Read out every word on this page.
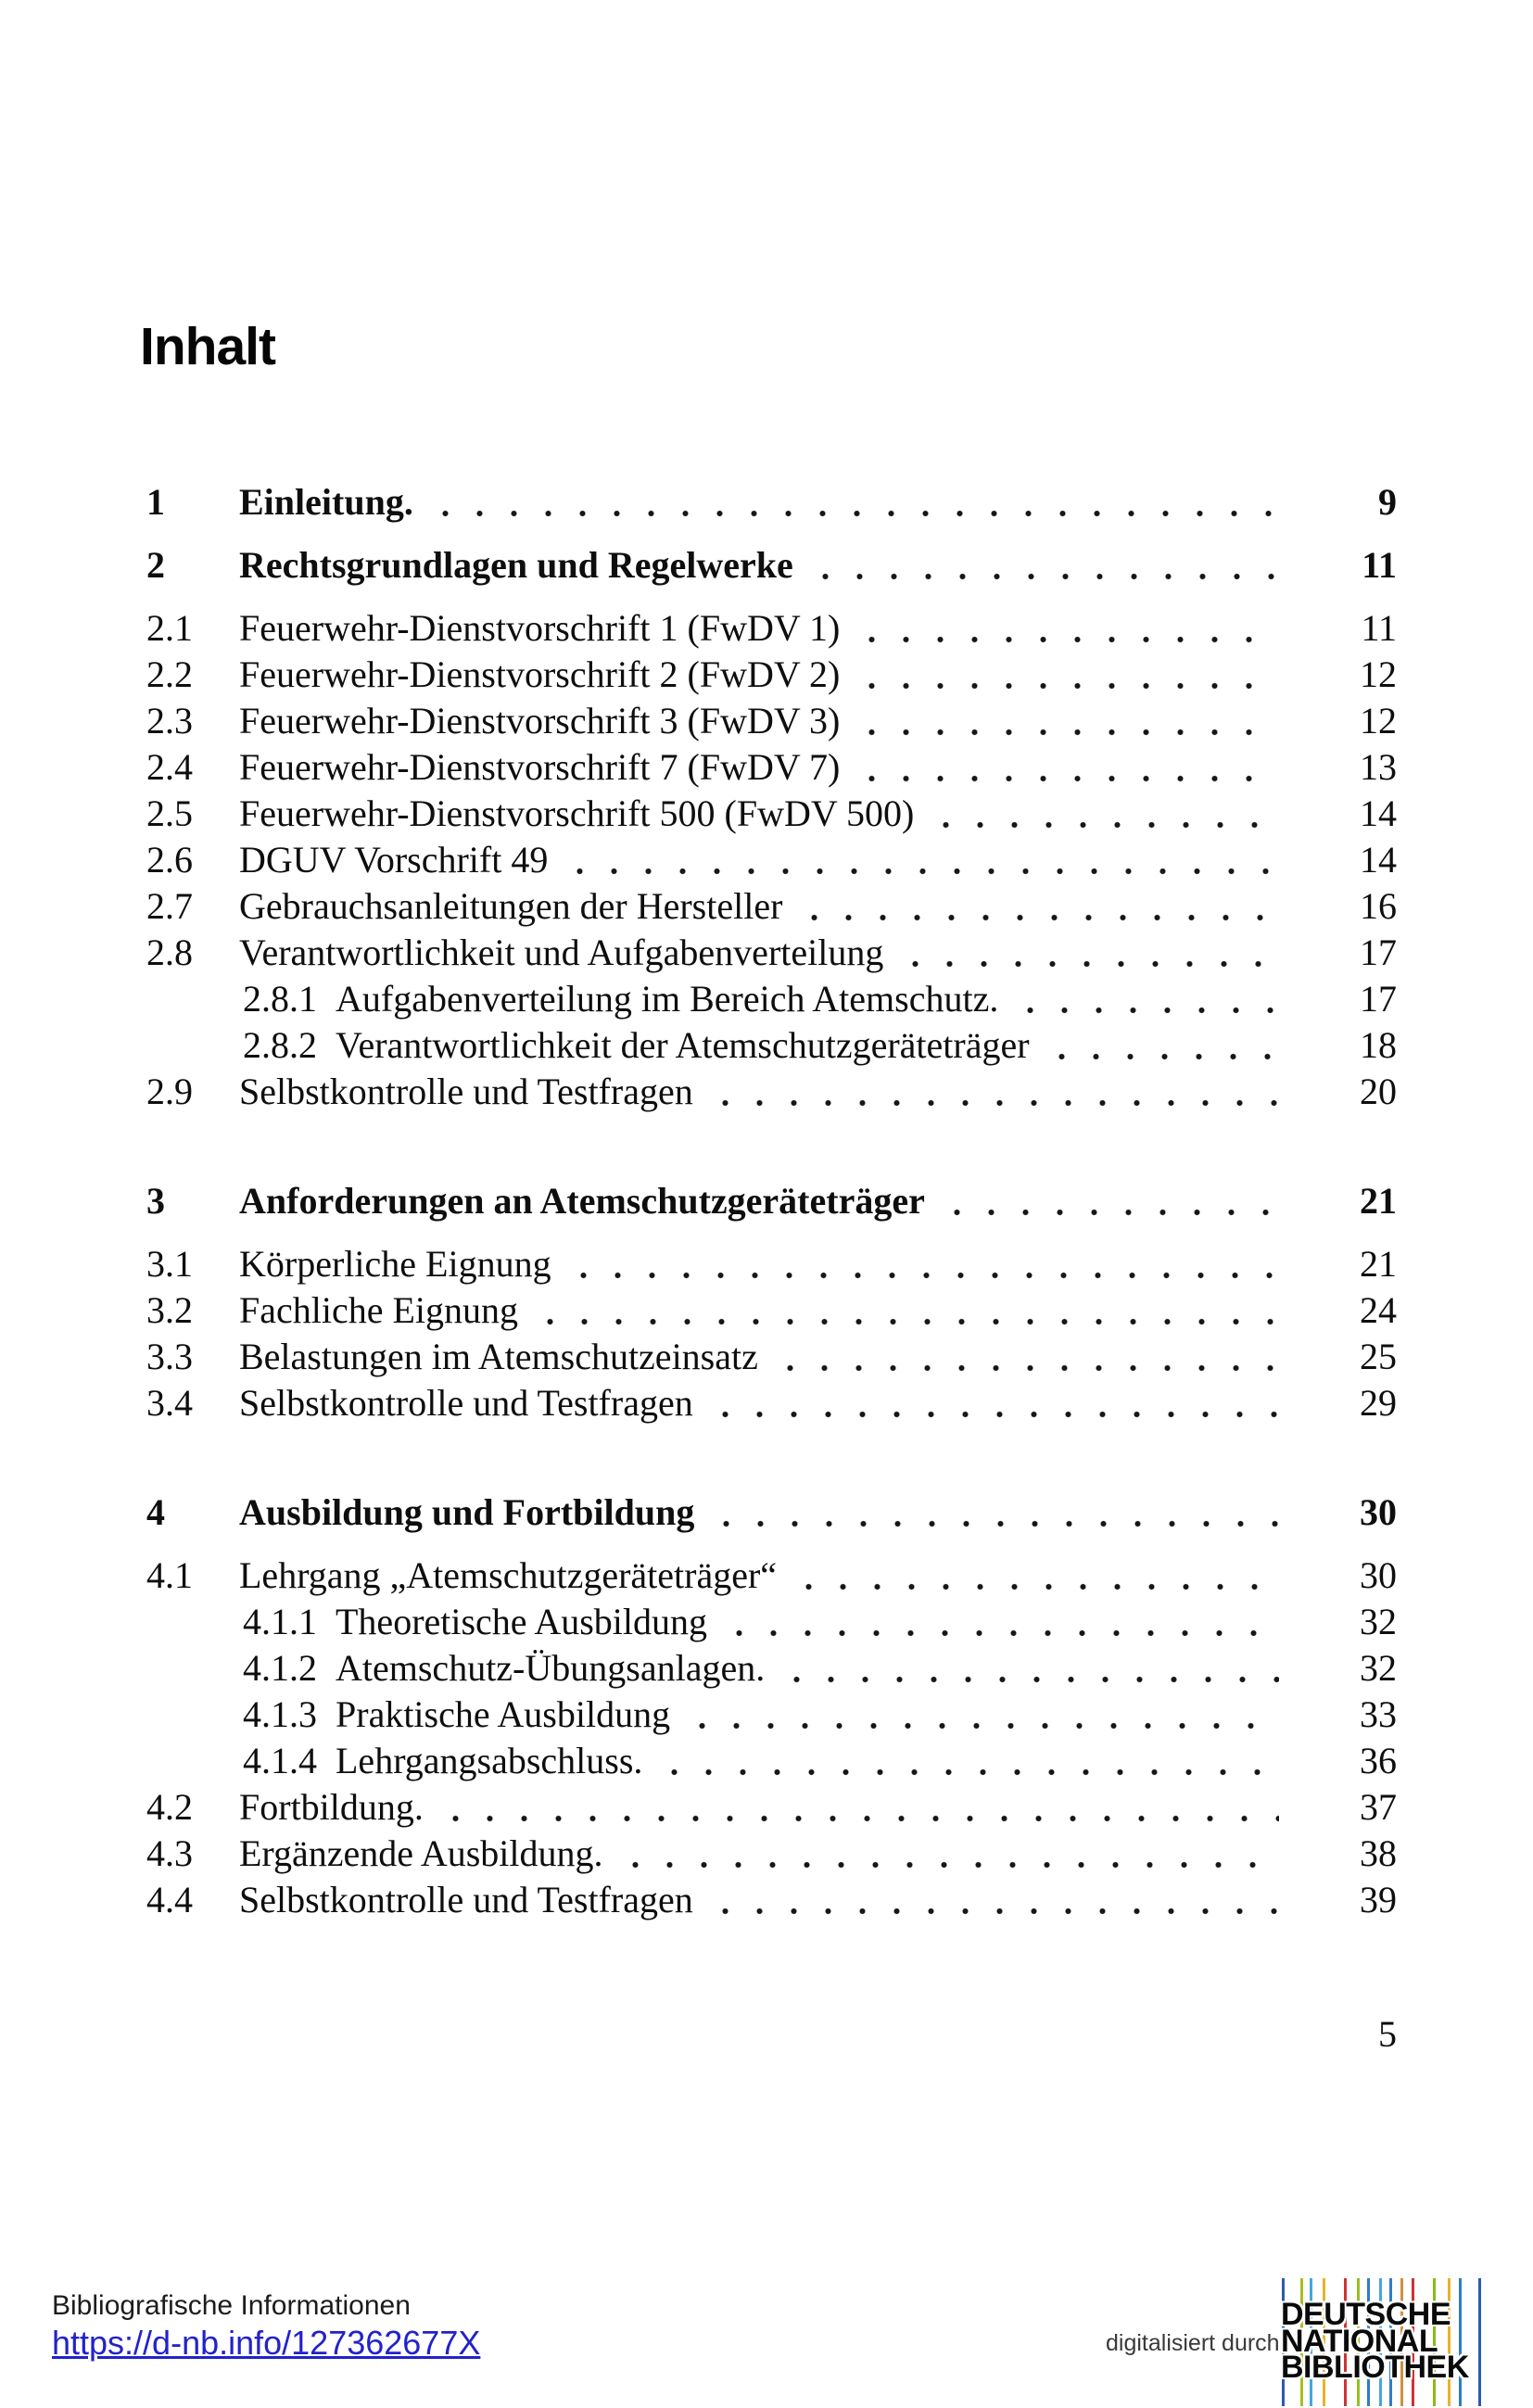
Inhalt
1	Einleitung.	9
2	Rechtsgrundlagen und Regelwerke	11
2.1	Feuerwehr-Dienstvorschrift 1 (FwDV 1)	11
2.2	Feuerwehr-Dienstvorschrift 2 (FwDV 2)	12
2.3	Feuerwehr-Dienstvorschrift 3 (FwDV 3)	12
2.4	Feuerwehr-Dienstvorschrift 7 (FwDV 7)	13
2.5	Feuerwehr-Dienstvorschrift 500 (FwDV 500)	14
2.6	DGUV Vorschrift 49	14
2.7	Gebrauchsanleitungen der Hersteller	16
2.8	Verantwortlichkeit und Aufgabenverteilung	17
2.8.1 Aufgabenverteilung im Bereich Atemschutz.	17
2.8.2 Verantwortlichkeit der Atemschutzgeräteträger	18
2.9	Selbstkontrolle und Testfragen	20
3	Anforderungen an Atemschutzgeräteträger	21
3.1	Körperliche Eignung	21
3.2	Fachliche Eignung	24
3.3	Belastungen im Atemschutzeinsatz	25
3.4	Selbstkontrolle und Testfragen	29
4	Ausbildung und Fortbildung	30
4.1	Lehrgang „Atemschutzgeräteträger“	30
4.1.1 Theoretische Ausbildung	32
4.1.2 Atemschutz-Übungsanlagen.	32
4.1.3 Praktische Ausbildung	33
4.1.4 Lehrgangsabschluss.	36
4.2	Fortbildung.	37
4.3	Ergänzende Ausbildung.	38
4.4	Selbstkontrolle und Testfragen	39
5
Bibliografische Informationen
https://d-nb.info/127362677X	digitalisiert durch
DEUTSCHE
NATIONAL
BIBLIOTHEK
